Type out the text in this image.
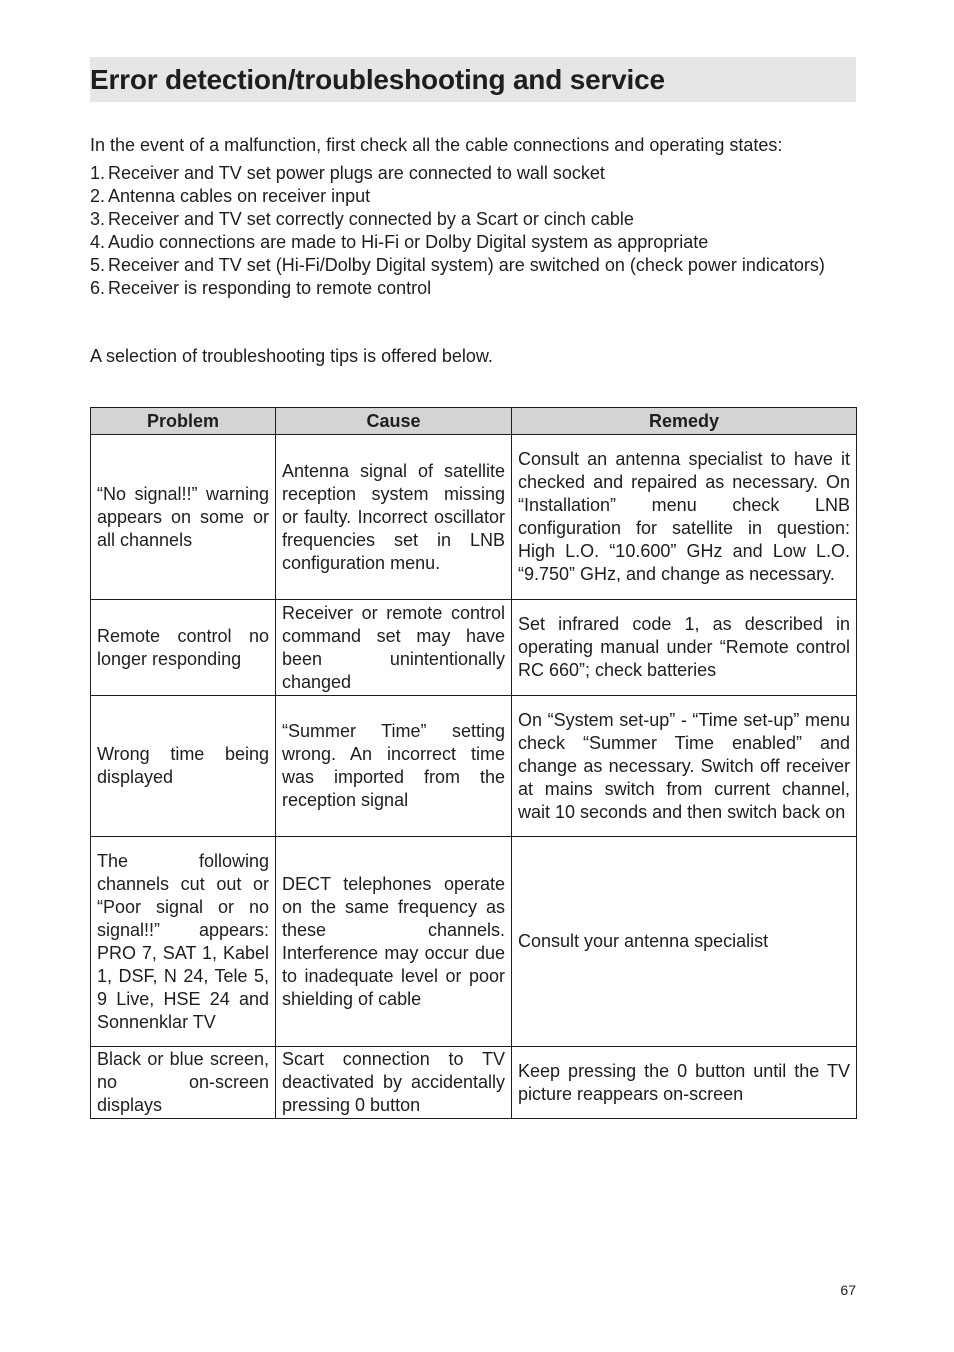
Error detection/troubleshooting and service

In the event of a malfunction, first check all the cable connections and operating states:

1. Receiver and TV set power plugs are connected to wall socket
2. Antenna cables on receiver input
3. Receiver and TV set correctly connected by a Scart or cinch cable
4. Audio connections are made to Hi-Fi or Dolby Digital system as appropriate
5. Receiver and TV set (Hi-Fi/Dolby Digital system) are switched on (check power indicators)
6. Receiver is responding to remote control

A selection of troubleshooting tips is offered below.

Problem	Cause	Remedy
“No signal!!” warning appears on some or all channels	Antenna signal of satellite reception system missing or faulty. Incorrect oscillator frequencies set in LNB configuration menu.	Consult an antenna specialist to have it checked and repaired as necessary. On “Installation” menu check LNB configuration for satellite in question: High L.O. “10.600” GHz and Low L.O. “9.750” GHz, and change as necessary.
Remote control no longer responding	Receiver or remote control command set may have been unintentionally changed	Set infrared code 1, as described in operating manual under “Remote control RC 660”; check batteries
Wrong time being displayed	“Summer Time” setting wrong. An incorrect time was imported from the reception signal	On “System set-up” - “Time set-up” menu check “Summer Time enabled” and change as necessary. Switch off receiver at mains switch from current channel, wait 10 seconds and then switch back on
The following channels cut out or “Poor signal or no signal!!” appears: PRO 7, SAT 1, Kabel 1, DSF, N 24, Tele 5, 9 Live, HSE 24 and Sonnenklar TV	DECT telephones operate on the same frequency as these channels. Interference may occur due to inadequate level or poor shielding of cable	Consult your antenna specialist
Black or blue screen, no on-screen displays	Scart connection to TV deactivated by accidentally pressing 0 button	Keep pressing the 0 button until the TV picture reappears on-screen
67
